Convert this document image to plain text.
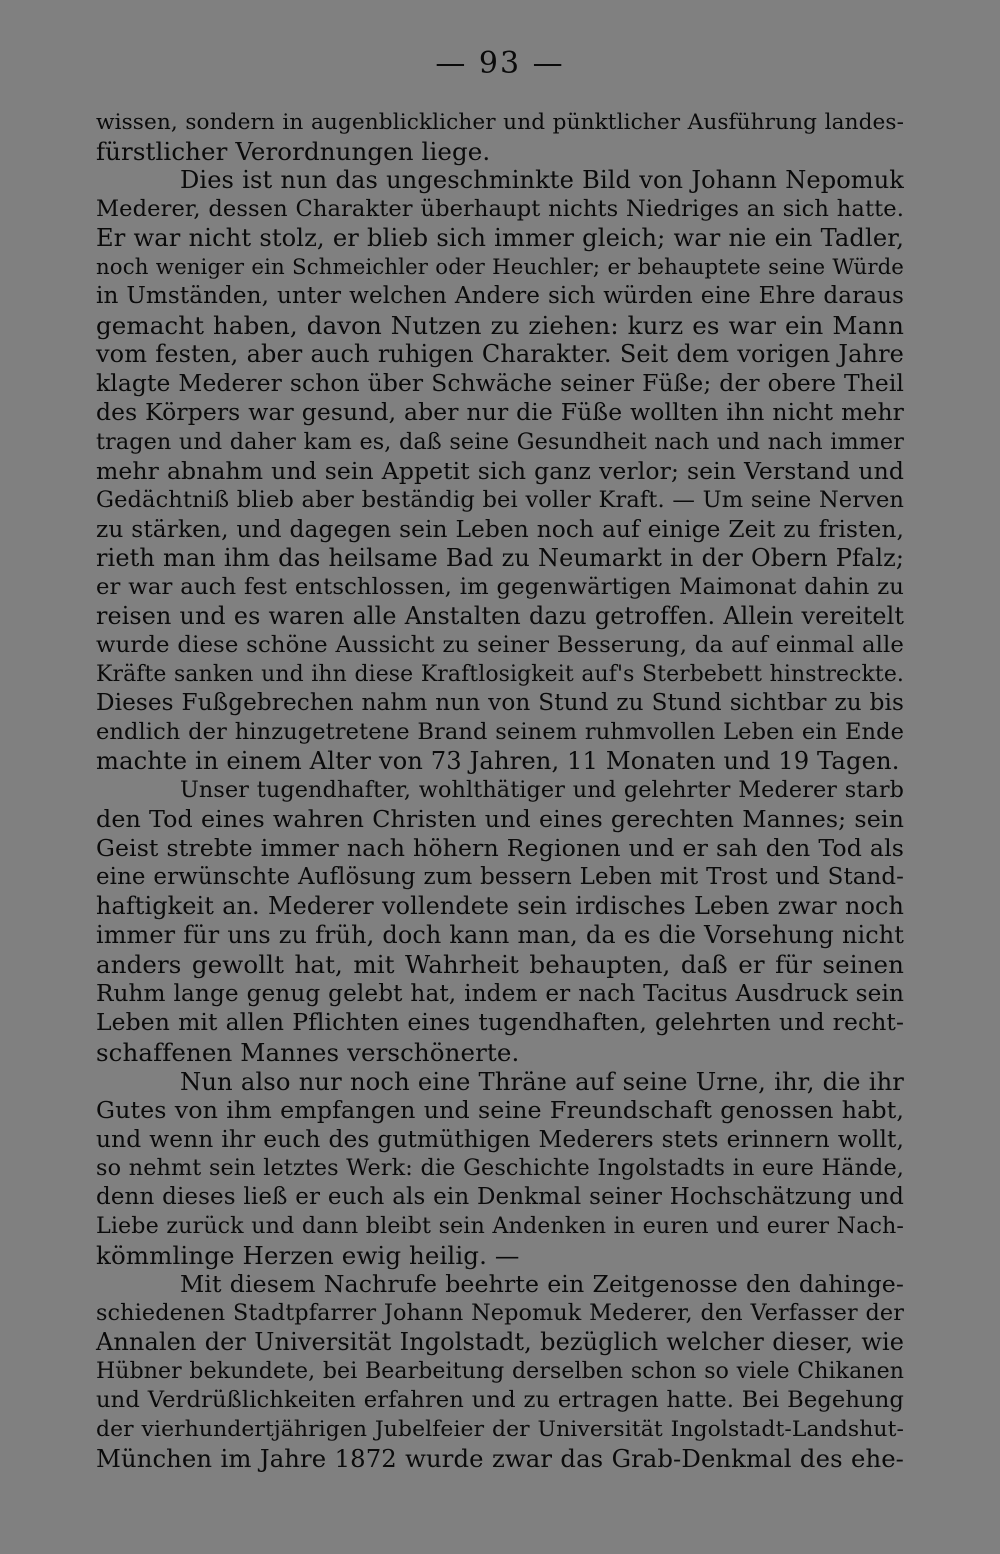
— 93 —
wissen, sondern in augenblicklicher und pünktlicher Ausführung landes-
fürstlicher Verordnungen liege.
Dies ist nun das ungeschminkte Bild von Johann Nepomuk
Mederer, dessen Charakter überhaupt nichts Niedriges an sich hatte.
Er war nicht stolz, er blieb sich immer gleich; war nie ein Tadler,
noch weniger ein Schmeichler oder Heuchler; er behauptete seine Würde
in Umständen, unter welchen Andere sich würden eine Ehre daraus
gemacht haben, davon Nutzen zu ziehen: kurz es war ein Mann
vom festen, aber auch ruhigen Charakter. Seit dem vorigen Jahre
klagte Mederer schon über Schwäche seiner Füße; der obere Theil
des Körpers war gesund, aber nur die Füße wollten ihn nicht mehr
tragen und daher kam es, daß seine Gesundheit nach und nach immer
mehr abnahm und sein Appetit sich ganz verlor; sein Verstand und
Gedächtniß blieb aber beständig bei voller Kraft. — Um seine Nerven
zu stärken, und dagegen sein Leben noch auf einige Zeit zu fristen,
rieth man ihm das heilsame Bad zu Neumarkt in der Obern Pfalz;
er war auch fest entschlossen, im gegenwärtigen Maimonat dahin zu
reisen und es waren alle Anstalten dazu getroffen. Allein vereitelt
wurde diese schöne Aussicht zu seiner Besserung, da auf einmal alle
Kräfte sanken und ihn diese Kraftlosigkeit auf's Sterbebett hinstreckte.
Dieses Fußgebrechen nahm nun von Stund zu Stund sichtbar zu bis
endlich der hinzugetretene Brand seinem ruhmvollen Leben ein Ende
machte in einem Alter von 73 Jahren, 11 Monaten und 19 Tagen.
Unser tugendhafter, wohlthätiger und gelehrter Mederer starb
den Tod eines wahren Christen und eines gerechten Mannes; sein
Geist strebte immer nach höhern Regionen und er sah den Tod als
eine erwünschte Auflösung zum bessern Leben mit Trost und Stand-
haftigkeit an. Mederer vollendete sein irdisches Leben zwar noch
immer für uns zu früh, doch kann man, da es die Vorsehung nicht
anders gewollt hat, mit Wahrheit behaupten, daß er für seinen
Ruhm lange genug gelebt hat, indem er nach Tacitus Ausdruck sein
Leben mit allen Pflichten eines tugendhaften, gelehrten und recht-
schaffenen Mannes verschönerte.
Nun also nur noch eine Thräne auf seine Urne, ihr, die ihr
Gutes von ihm empfangen und seine Freundschaft genossen habt,
und wenn ihr euch des gutmüthigen Mederers stets erinnern wollt,
so nehmt sein letztes Werk: die Geschichte Ingolstadts in eure Hände,
denn dieses ließ er euch als ein Denkmal seiner Hochschätzung und
Liebe zurück und dann bleibt sein Andenken in euren und eurer Nach-
kömmlinge Herzen ewig heilig. —
Mit diesem Nachrufe beehrte ein Zeitgenosse den dahinge-
schiedenen Stadtpfarrer Johann Nepomuk Mederer, den Verfasser der
Annalen der Universität Ingolstadt, bezüglich welcher dieser, wie
Hübner bekundete, bei Bearbeitung derselben schon so viele Chikanen
und Verdrüßlichkeiten erfahren und zu ertragen hatte. Bei Begehung
der vierhundertjährigen Jubelfeier der Universität Ingolstadt-Landshut-
München im Jahre 1872 wurde zwar das Grab-Denkmal des ehe-
